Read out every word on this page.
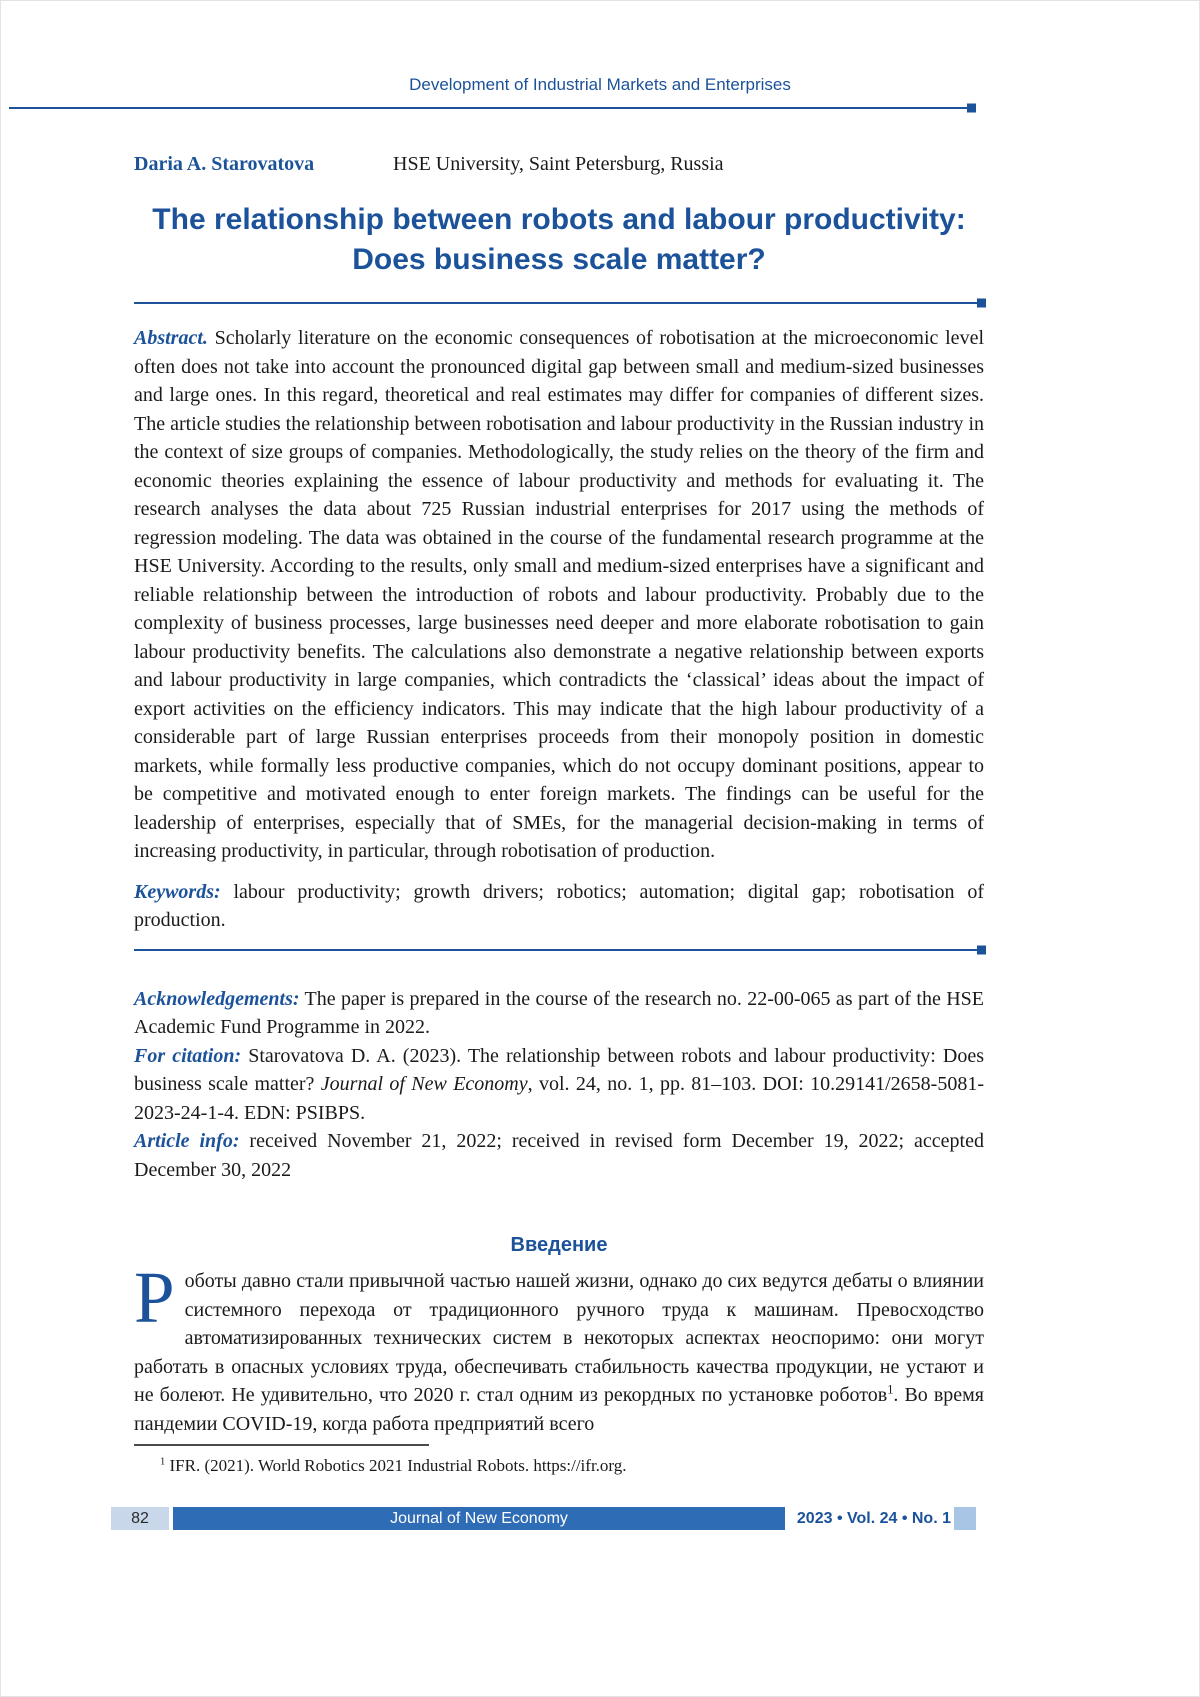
Development of Industrial Markets and Enterprises
Daria A. Starovatova	HSE University, Saint Petersburg, Russia
The relationship between robots and labour productivity:
Does business scale matter?

Abstract. Scholarly literature on the economic consequences of robotisation at the microeconomic level often does not take into account the pronounced digital gap between small and medium-sized businesses and large ones. In this regard, theoretical and real estimates may differ for companies of different sizes. The article studies the relationship between robotisation and labour productivity in the Russian industry in the context of size groups of companies. Methodologically, the study relies on the theory of the firm and economic theories explaining the essence of labour productivity and methods for evaluating it. The research analyses the data about 725 Russian industrial enterprises for 2017 using the methods of regression modeling. The data was obtained in the course of the fundamental research programme at the HSE University. According to the results, only small and medium-sized enterprises have a significant and reliable relationship between the introduction of robots and labour productivity. Probably due to the complexity of business processes, large businesses need deeper and more elaborate robotisation to gain labour productivity benefits. The calculations also demonstrate a negative relationship between exports and labour productivity in large companies, which contradicts the ‘classical’ ideas about the impact of export activities on the efficiency indicators. This may indicate that the high labour productivity of a considerable part of large Russian enterprises proceeds from their monopoly position in domestic markets, while formally less productive companies, which do not occupy dominant positions, appear to be competitive and motivated enough to enter foreign markets. The findings can be useful for the leadership of enterprises, especially that of SMEs, for the managerial decision-making in terms of increasing productivity, in particular, through robotisation of production.

Keywords: labour productivity; growth drivers; robotics; automation; digital gap; robotisation of production.

Acknowledgements: The paper is prepared in the course of the research no. 22-00-065 as part of the HSE Academic Fund Programme in 2022.

For citation: Starovatova D. A. (2023). The relationship between robots and labour productivity: Does business scale matter? Journal of New Economy, vol. 24, no. 1, pp. 81–103. DOI: 10.29141/2658-5081-2023-24-1-4. EDN: PSIBPS.

Article info: received November 21, 2022; received in revised form December 19, 2022; accepted December 30, 2022

Введение

Роботы давно стали привычной частью нашей жизни, однако до сих ведутся дебаты о влиянии системного перехода от традиционного ручного труда к машинам. Превосходство автоматизированных технических систем в некоторых аспектах неоспоримо: они могут работать в опасных условиях труда, обеспечивать стабильность качества продукции, не устают и не болеют. Не удивительно, что 2020 г. стал одним из рекордных по установке роботов$^1$. Во время пандемии COVID-19, когда работа предприятий всего

$^1$ IFR. (2021). World Robotics 2021 Industrial Robots. https://ifr.org.

82	Journal of New Economy	2023 • Vol. 24 • No. 1
